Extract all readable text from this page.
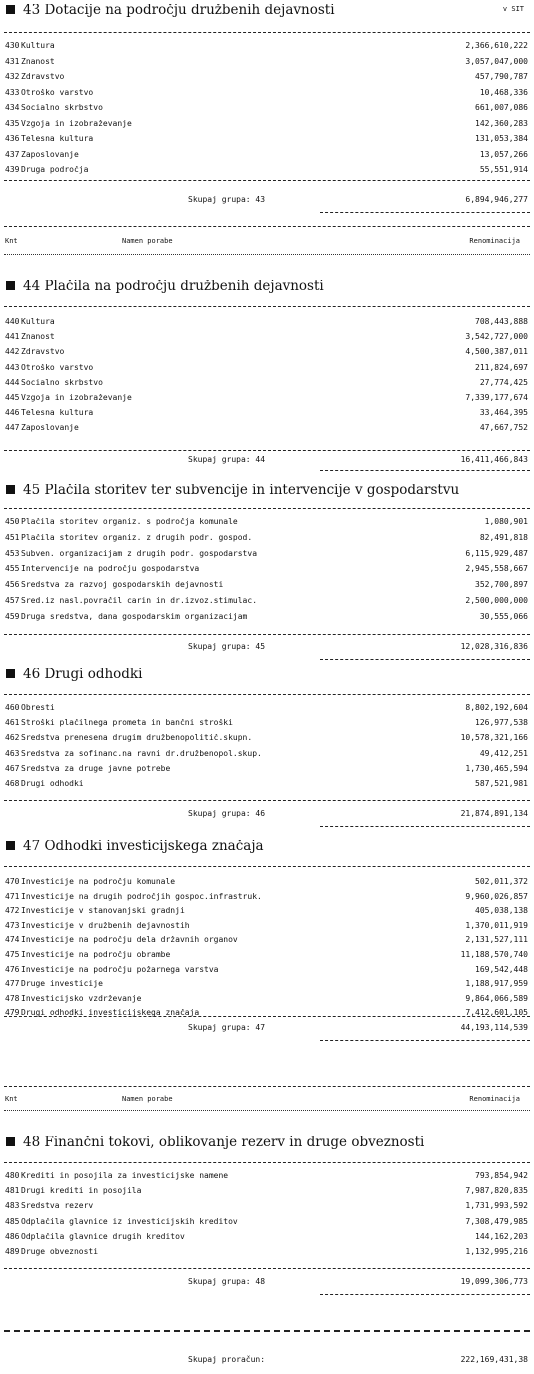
v SIT
43 Dotacije na področju družbenih dejavnosti
430 Kultura	2,366,610,222
431 Znanost	3,057,047,000
432 Zdravstvo	457,790,787
433 Otroško varstvo	10,468,336
434 Socialno skrbstvo	661,007,086
435 Vzgoja in izobraževanje	142,360,283
436 Telesna kultura	131,053,384
437 Zaposlovanje	13,057,266
439 Druga področja	55,551,914
Skupaj grupa: 43	6,894,946,277
Knt	Namen porabe	Renominacija
44 Plačila na področju družbenih dejavnosti
440 Kultura	708,443,888
441 Znanost	3,542,727,000
442 Zdravstvo	4,500,387,011
443 Otroško varstvo	211,824,697
444 Socialno skrbstvo	27,774,425
445 Vzgoja in izobraževanje	7,339,177,674
446 Telesna kultura	33,464,395
447 Zaposlovanje	47,667,752
Skupaj grupa: 44	16,411,466,843
45 Plačila storitev ter subvencije in intervencije v gospodarstvu
450 Plačila storitev organiz. s področja komunale	1,080,901
451 Plačila storitev organiz. z drugih podr. gospod.	82,491,818
453 Subven. organizacijam z drugih podr. gospodarstva	6,115,929,487
455 Intervencije na področju gospodarstva	2,945,558,667
456 Sredstva za razvoj gospodarskih dejavnosti	352,700,897
457 Sred.iz nasl.povračil carin in dr.izvoz.stimulac.	2,500,000,000
459 Druga sredstva, dana gospodarskim organizacijam	30,555,066
Skupaj grupa: 45	12,028,316,836
46 Drugi odhodki
460 Obresti	8,802,192,604
461 Stroški plačilnega prometa in bančni stroški	126,977,538
462 Sredstva prenesena drugim družbenopolitič.skupn.	10,578,321,166
463 Sredstva za sofinanc.na ravni dr.družbenopol.skup.	49,412,251
467 Sredstva za druge javne potrebe	1,730,465,594
468 Drugi odhodki	587,521,981
Skupaj grupa: 46	21,874,891,134
47 Odhodki investicijskega značaja
470 Investicije na področju komunale	502,011,372
471 Investicije na drugih področjih gospoc.infrastruk.	9,960,026,857
472 Investicije v stanovanjski gradnji	405,038,138
473 Investicije v družbenih dejavnostih	1,370,011,919
474 Investicije na področju dela državnih organov	2,131,527,111
475 Investicije na področju obrambe	11,188,570,740
476 Investicije na področju požarnega varstva	169,542,448
477 Druge investicije	1,188,917,959
478 Investicijsko vzdrževanje	9,864,066,589
479 Drugi odhodki investicijskega značaja	7,412,601,105
Skupaj grupa: 47	44,193,114,539
Knt	Namen porabe	Renominacija
48 Finančni tokovi, oblikovanje rezerv in druge obveznosti
480 Krediti in posojila za investicijske namene	793,854,942
481 Drugi krediti in posojila	7,987,820,835
483 Sredstva rezerv	1,731,993,592
485 Odplačila glavnice iz investicijskih kreditov	7,308,479,985
486 Odplačila glavnice drugih kreditov	144,162,203
489 Druge obveznosti	1,132,995,216
Skupaj grupa: 48	19,099,306,773
Skupaj proračun:	222,169,431,38
